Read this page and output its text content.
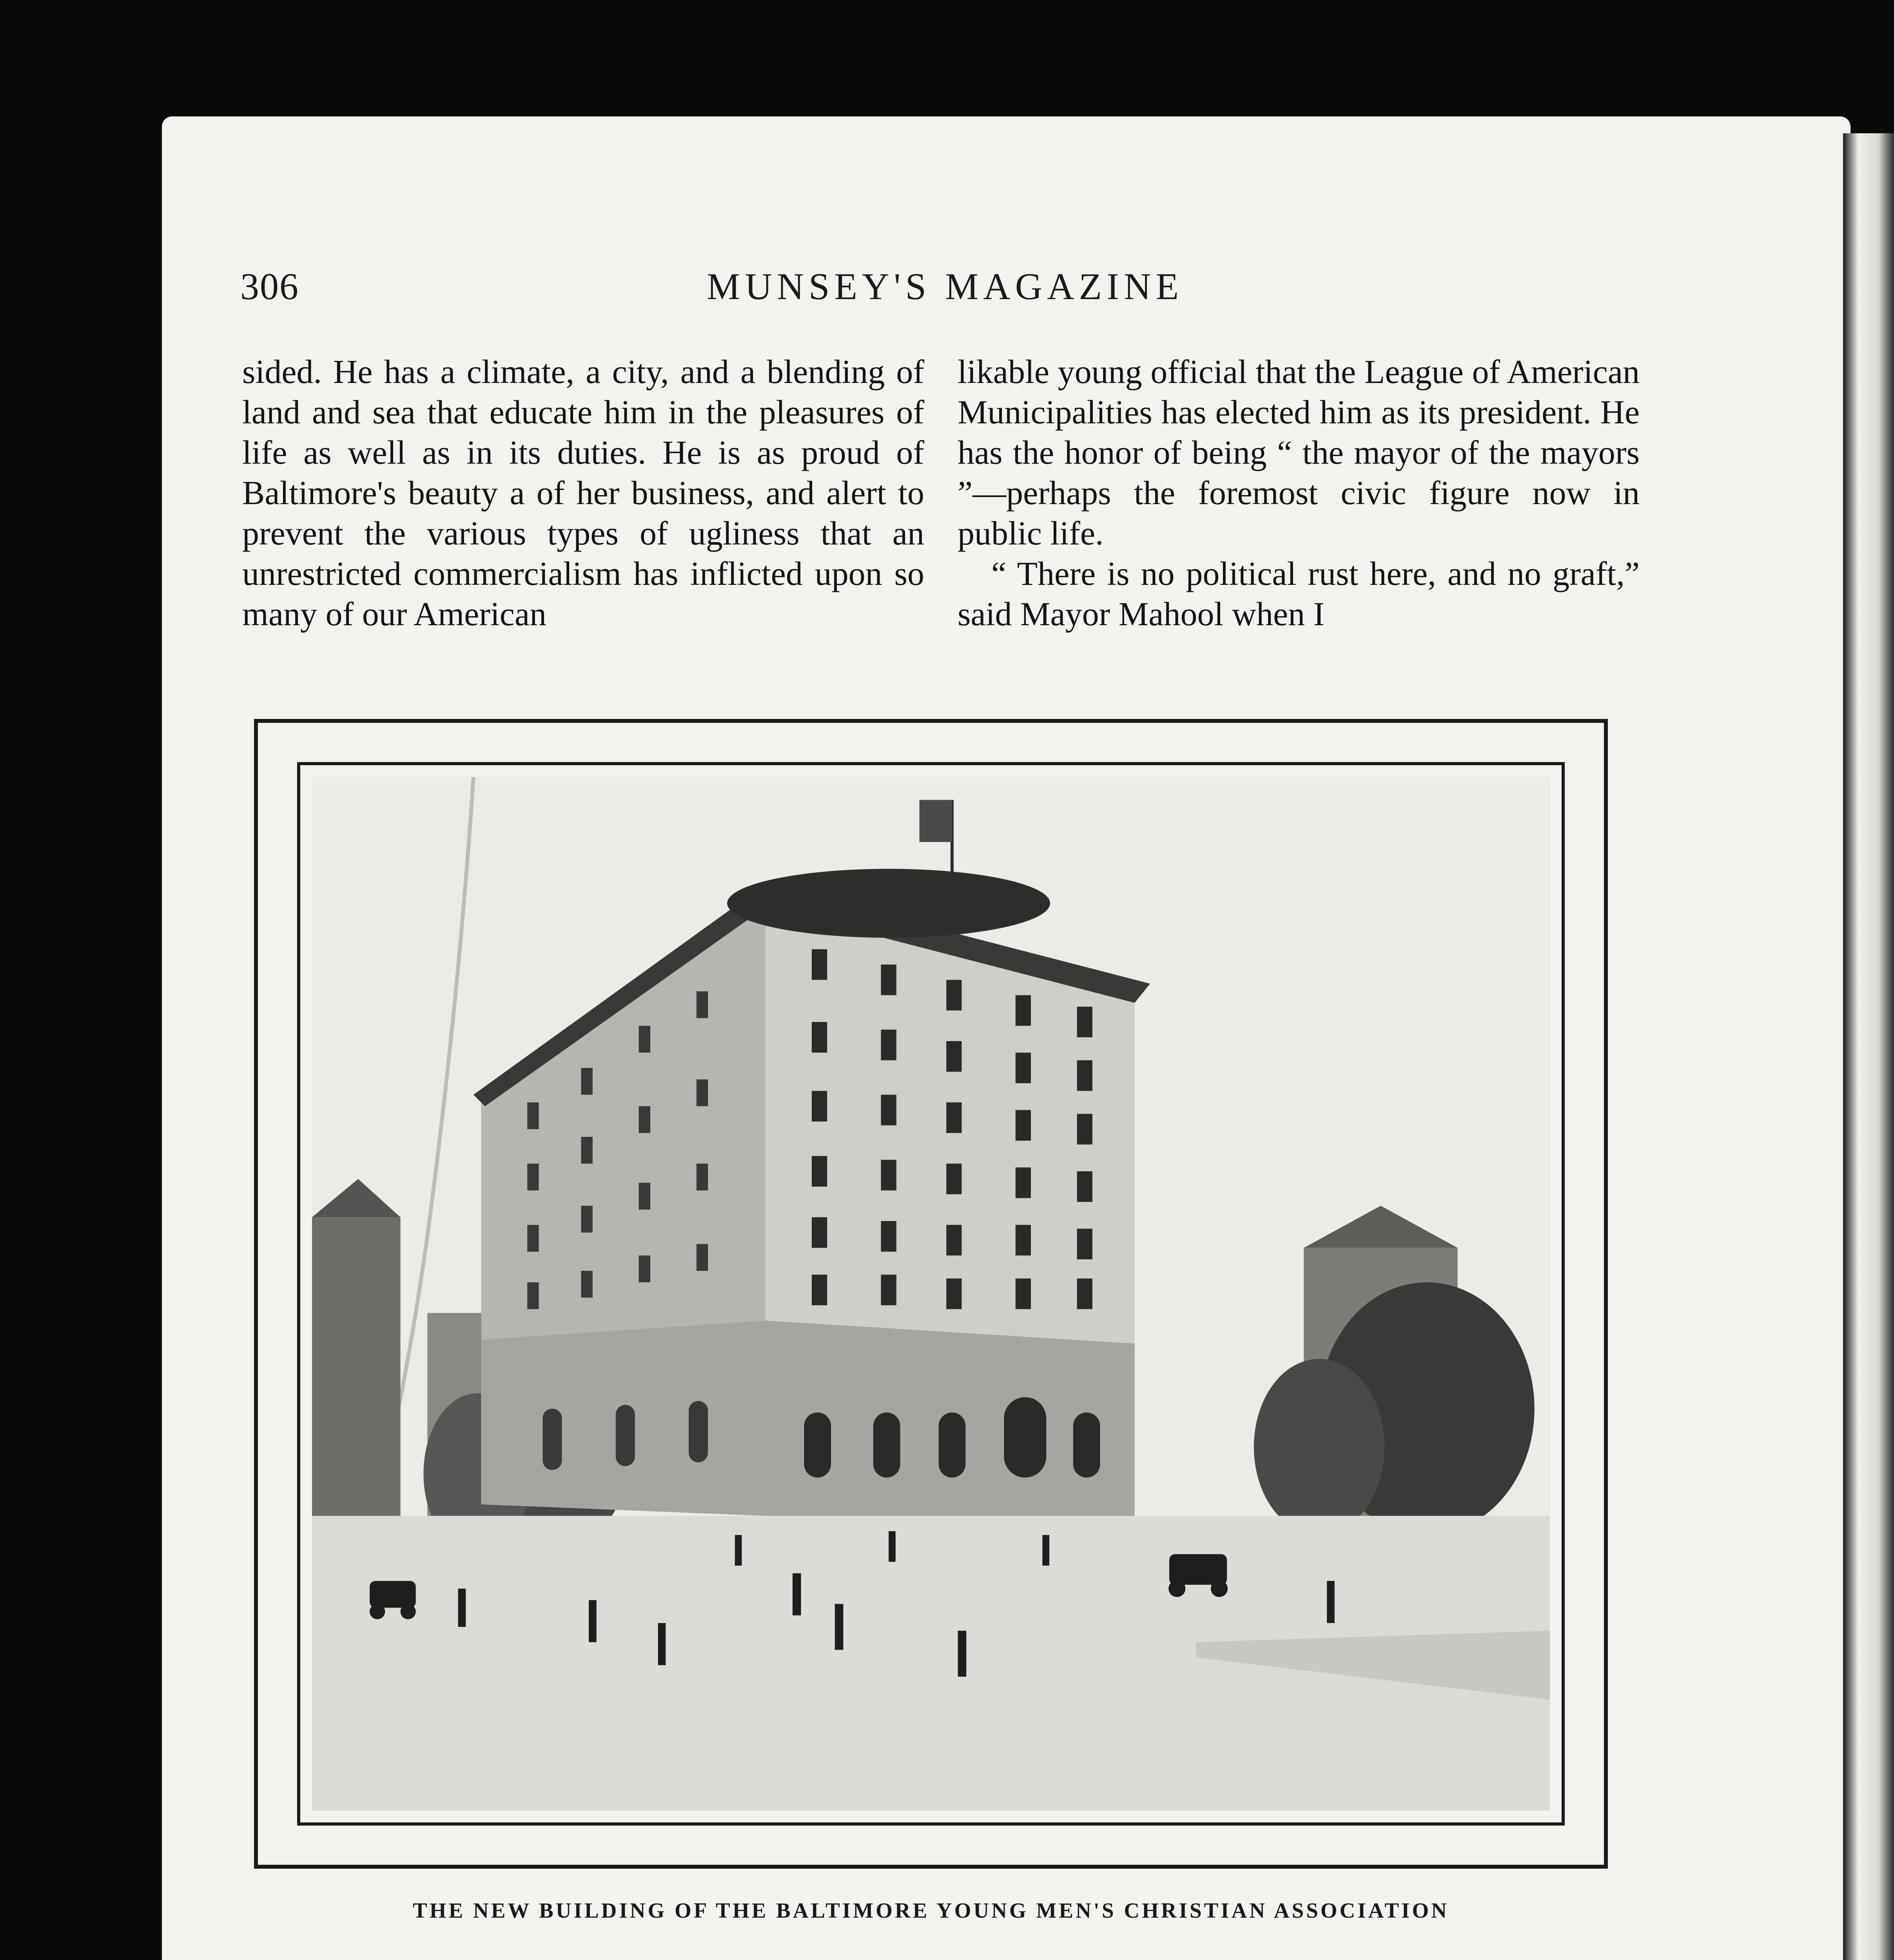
306	MUNSEY'S MAGAZINE

sided. He has a climate, a city, and a blending of land and sea that educate him in the pleasures of life as well as in its duties. He is as proud of Baltimore's beauty a of her business, and alert to prevent the various types of ugliness that an unrestricted commercialism has inflicted upon so many of our American

likable young official that the League of American Municipalities has elected him as its president. He has the honor of being “ the mayor of the mayors ”—perhaps the foremost civic figure now in public life.

“ There is no political rust here, and no graft,” said Mayor Mahool when I

THE NEW BUILDING OF THE BALTIMORE YOUNG MEN'S CHRISTIAN ASSOCIATION
